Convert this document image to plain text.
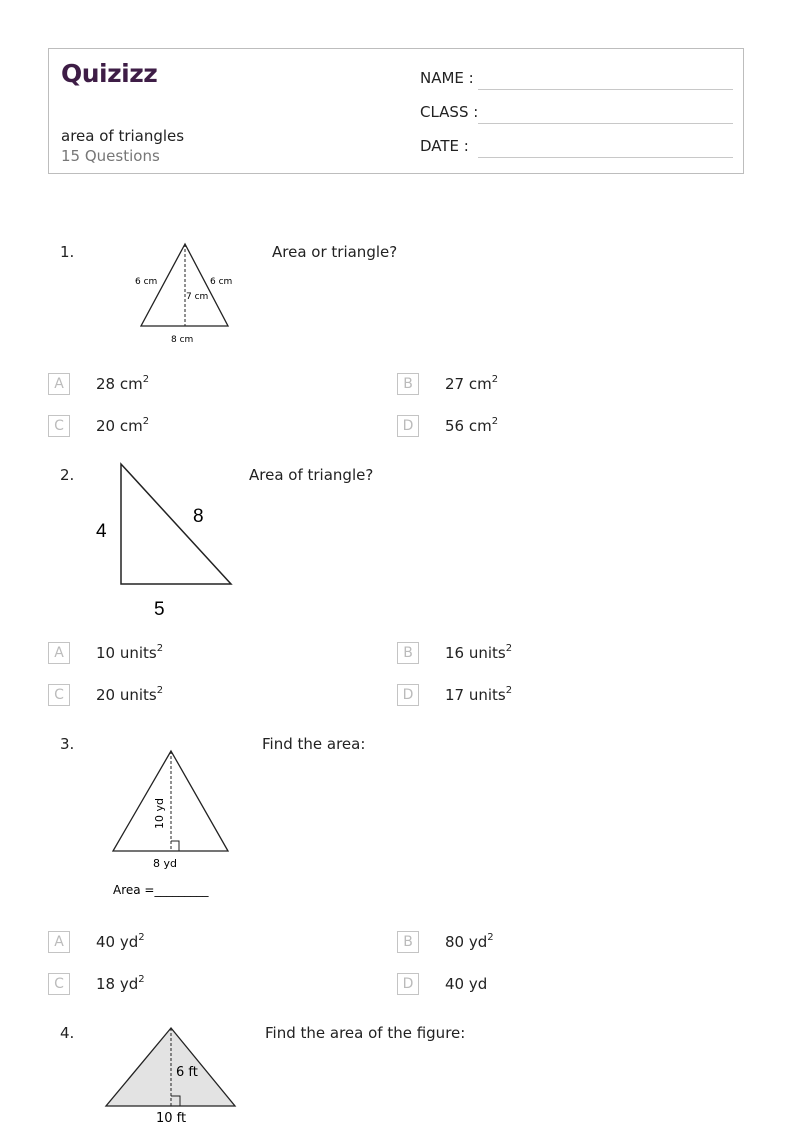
Quizizz
area of triangles
15 Questions
NAME :
CLASS :
DATE :
1.
6 cm	6 cm
7 cm
8 cm
Area or triangle?
A	28 $cm^2$	B	27 $cm^2$
C	20 $cm^2$	D	56 $cm^2$
2.
4
8
5
Area of triangle?
A	10 units$^2$	B	16 units$^2$
C	20 units$^2$	D	17 units$^2$
3.
10 yd
8 yd
Area =_________
Find the area:
A	40 $yd^2$	B	80 $yd^2$
C	18 $yd^2$	D	40 yd
4.
6 ft
10 ft
Find the area of the figure:
